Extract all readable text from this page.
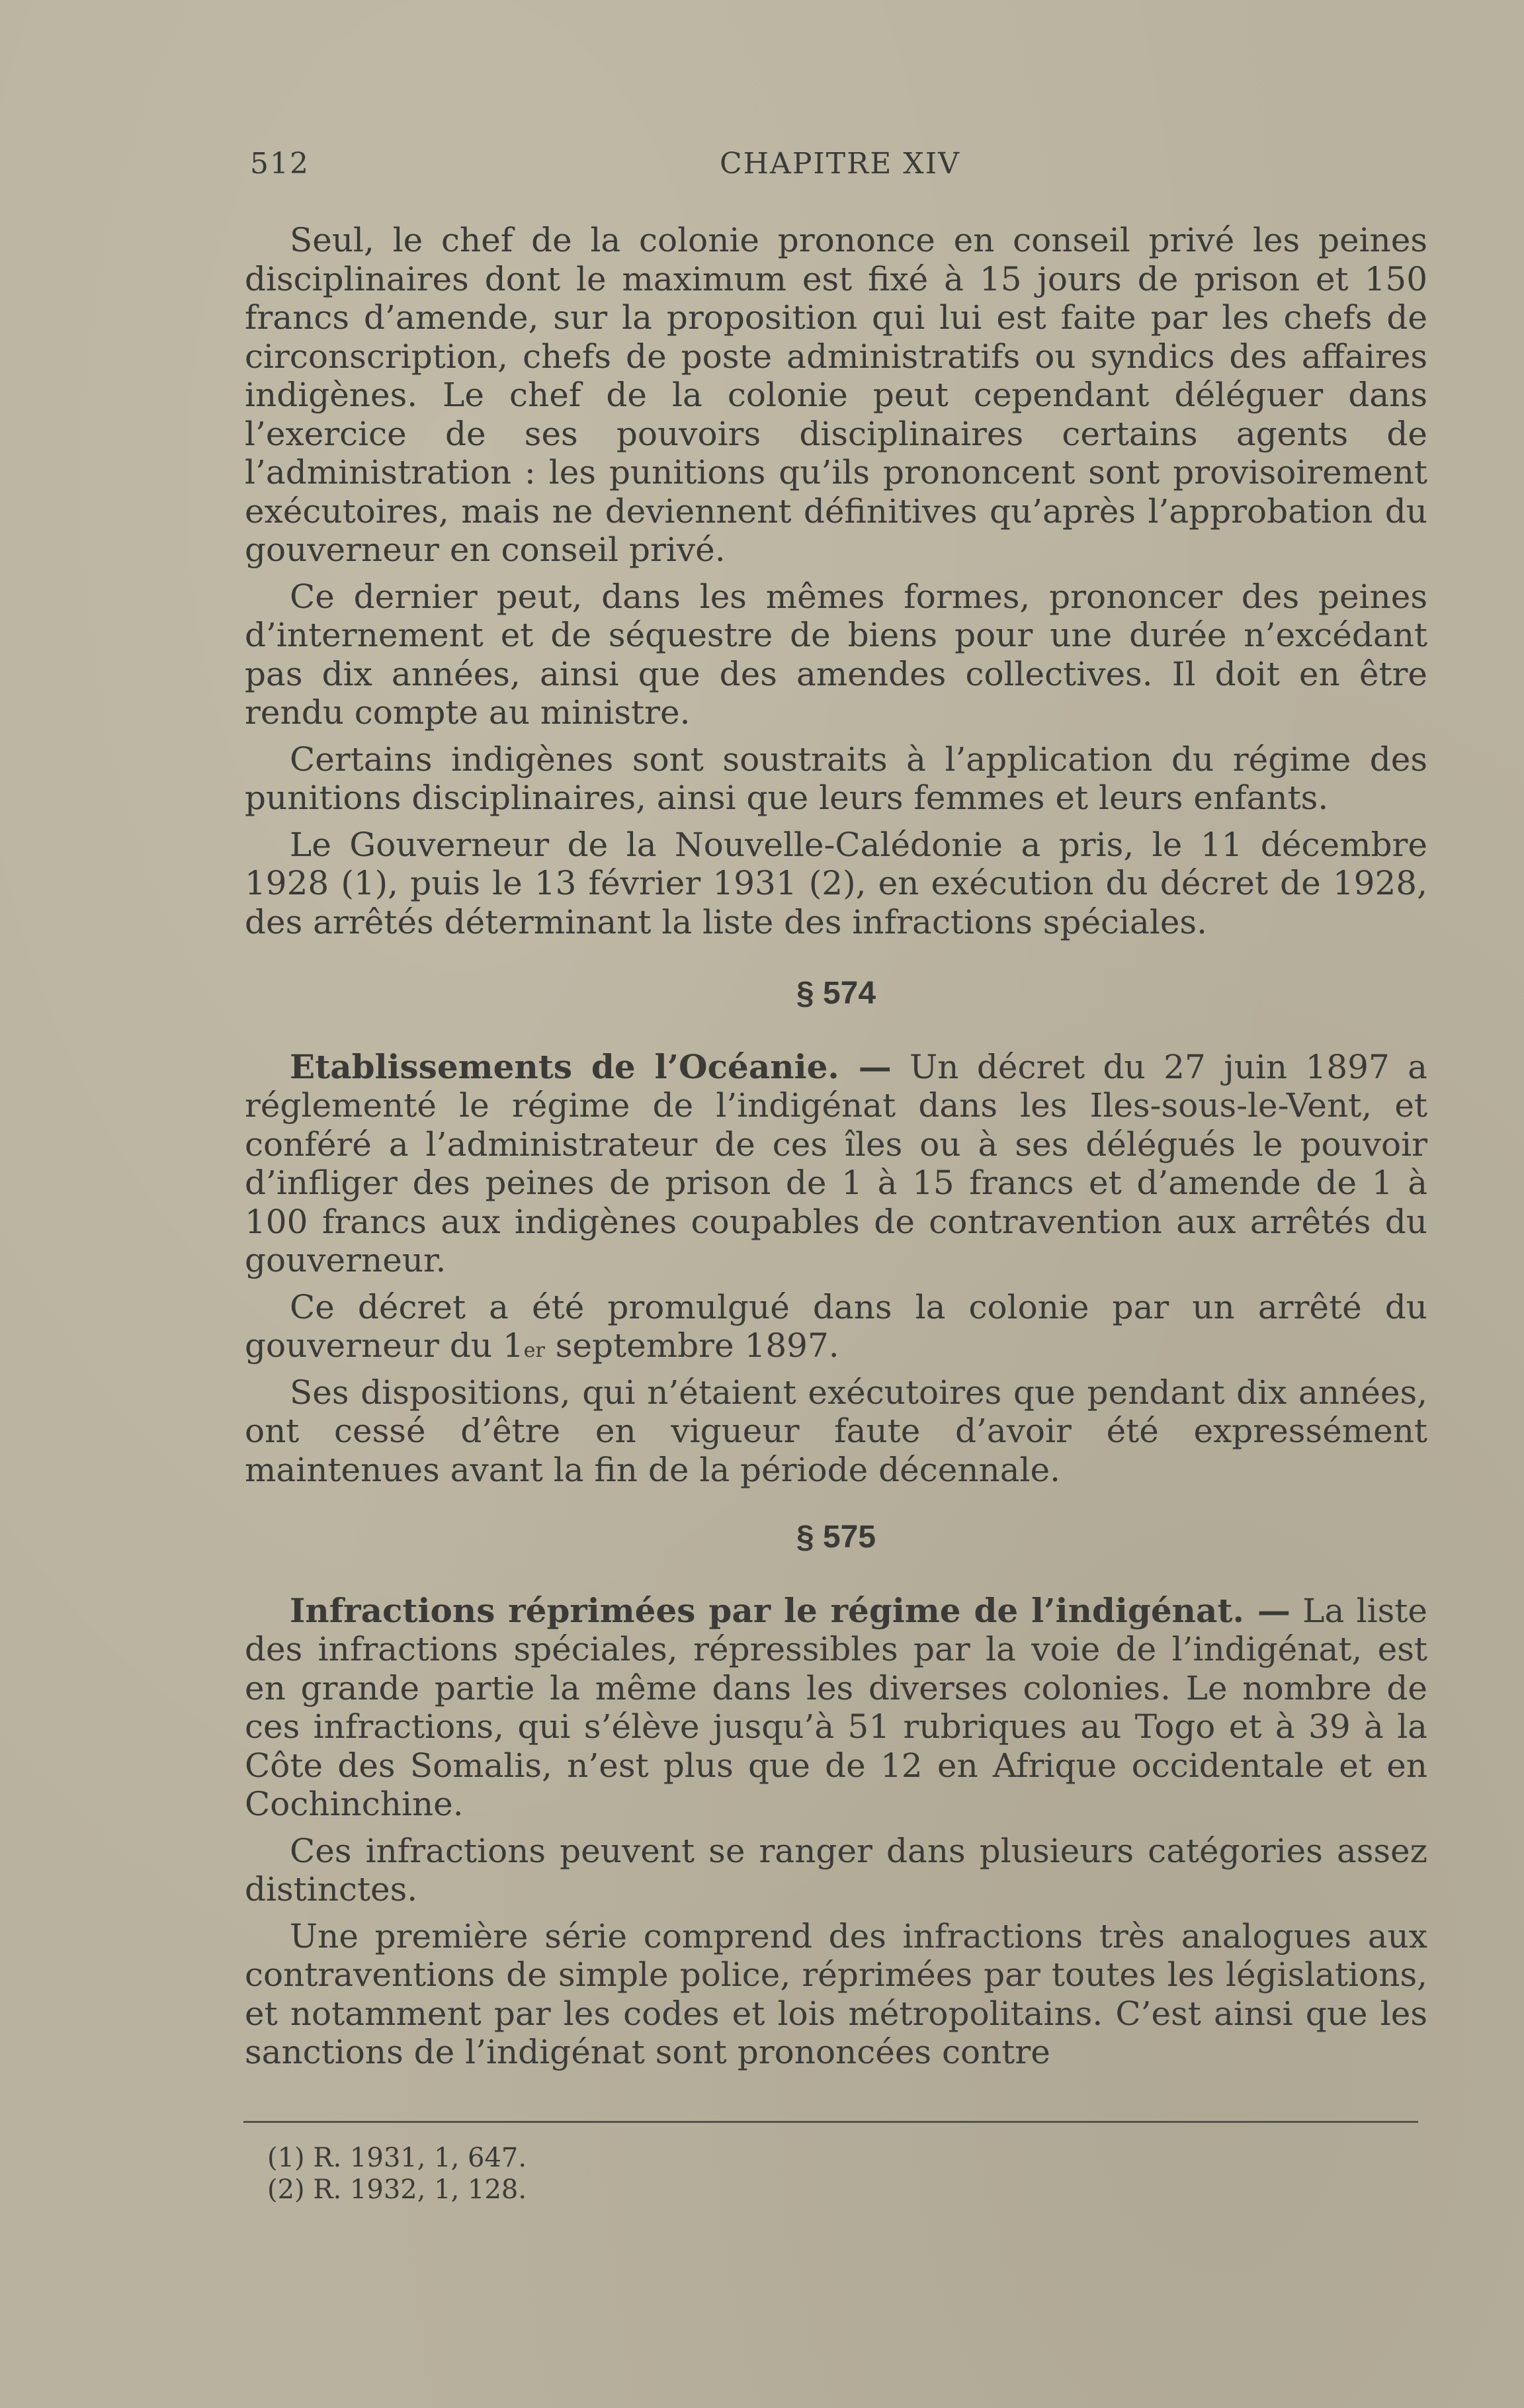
512	CHAPITRE XIV

Seul, le chef de la colonie prononce en conseil privé les peines disciplinaires dont le maximum est fixé à 15 jours de prison et 150 francs d’amende, sur la proposition qui lui est faite par les chefs de circonscription, chefs de poste administratifs ou syndics des affaires indigènes. Le chef de la colonie peut cependant déléguer dans l’exercice de ses pouvoirs disciplinaires certains agents de l’administration : les punitions qu’ils prononcent sont provisoirement exécutoires, mais ne deviennent définitives qu’après l’approbation du gouverneur en conseil privé.

Ce dernier peut, dans les mêmes formes, prononcer des peines d’internement et de séquestre de biens pour une durée n’excédant pas dix années, ainsi que des amendes collectives. Il doit en être rendu compte au ministre.

Certains indigènes sont soustraits à l’application du régime des punitions disciplinaires, ainsi que leurs femmes et leurs enfants.

Le Gouverneur de la Nouvelle-Calédonie a pris, le 11 décembre 1928 (1), puis le 13 février 1931 (2), en exécution du décret de 1928, des arrêtés déterminant la liste des infractions spéciales.

§ 574

Etablissements de l’Océanie. — Un décret du 27 juin 1897 a réglementé le régime de l’indigénat dans les Iles-sous-le-Vent, et conféré a l’administrateur de ces îles ou à ses délégués le pouvoir d’infliger des peines de prison de 1 à 15 francs et d’amende de 1 à 100 francs aux indigènes coupables de contravention aux arrêtés du gouverneur.

Ce décret a été promulgué dans la colonie par un arrêté du gouverneur du 1er septembre 1897.

Ses dispositions, qui n’étaient exécutoires que pendant dix années, ont cessé d’être en vigueur faute d’avoir été expressément maintenues avant la fin de la période décennale.

§ 575

Infractions réprimées par le régime de l’indigénat. — La liste des infractions spéciales, répressibles par la voie de l’indigénat, est en grande partie la même dans les diverses colonies. Le nombre de ces infractions, qui s’élève jusqu’à 51 rubriques au Togo et à 39 à la Côte des Somalis, n’est plus que de 12 en Afrique occidentale et en Cochinchine.

Ces infractions peuvent se ranger dans plusieurs catégories assez distinctes.

Une première série comprend des infractions très analogues aux contraventions de simple police, réprimées par toutes les législations, et notamment par les codes et lois métropolitains. C’est ainsi que les sanctions de l’indigénat sont prononcées contre

(1) R. 1931, 1, 647.

(2) R. 1932, 1, 128.
